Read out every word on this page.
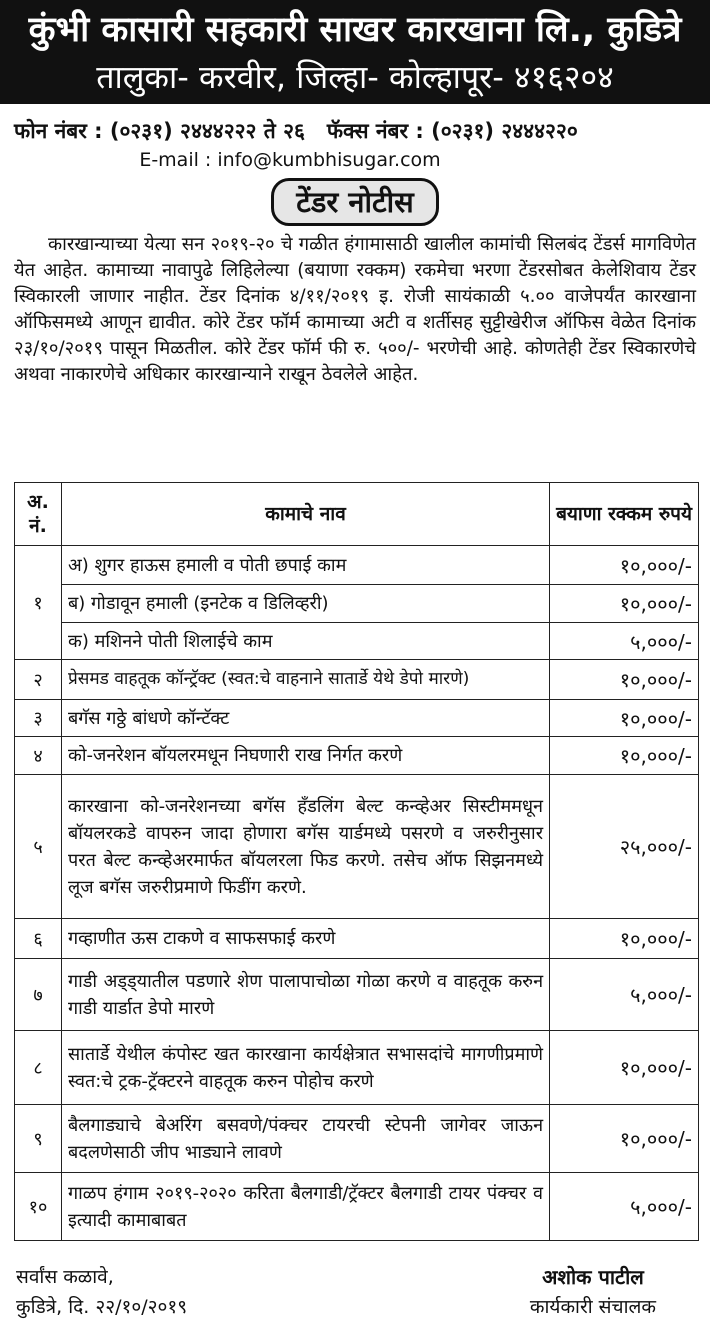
कुंभी कासारी सहकारी साखर कारखाना लि., कुडित्रे
तालुका- करवीर, जिल्हा- कोल्हापूर- ४१६२०४
फोन नंबर : (०२३१) २४४४२२२ ते २६ फॅक्स नंबर : (०२३१) २४४४२२०
E-mail : info@kumbhisugar.com
टेंडर नोटीस
कारखान्याच्या येत्या सन २०१९-२० चे गळीत हंगामासाठी खालील कामांची सिलबंद टेंडर्स मागविणेत येत आहेत. कामाच्या नावापुढे लिहिलेल्या (बयाणा रक्कम) रकमेचा भरणा टेंडरसोबत केलेशिवाय टेंडर स्विकारली जाणार नाहीत. टेंडर दिनांक ४/११/२०१९ इ. रोजी सायंकाळी ५.०० वाजेपर्यंत कारखाना ऑफिसमध्ये आणून द्यावीत. कोरे टेंडर फॉर्म कामाच्या अटी व शर्तीसह सुट्टीखेरीज ऑफिस वेळेत दिनांक २३/१०/२०१९ पासून मिळतील. कोरे टेंडर फॉर्म फी रु. ५००/- भरणेची आहे. कोणतेही टेंडर स्विकारणेचे अथवा नाकारणेचे अधिकार कारखान्याने राखून ठेवलेले आहेत.
अ. नं.	कामाचे नाव	बयाणा रक्कम रुपये
१	अ) शुगर हाऊस हमाली व पोती छपाई काम	१०,०००/-
	ब) गोडावून हमाली (इनटेक व डिलिव्हरी)	१०,०००/-
	क) मशिनने पोती शिलाईचे काम	५,०००/-
२	प्रेसमड वाहतूक कॉन्ट्रॅक्ट (स्वत:चे वाहनाने सातार्डे येथे डेपो मारणे)	१०,०००/-
३	बगॅस गठ्ठे बांधणे कॉन्टॅक्ट	१०,०००/-
४	को-जनरेशन बॉयलरमधून निघणारी राख निर्गत करणे	१०,०००/-
५	कारखाना को-जनरेशनच्या बगॅस हँडलिंग बेल्ट कन्व्हेअर सिस्टीममधून बॉयलरकडे वापरुन जादा होणारा बगॅस यार्डमध्ये पसरणे व जरुरीनुसार परत बेल्ट कन्व्हेअरमार्फत बॉयलरला फिड करणे. तसेच ऑफ सिझनमध्ये लूज बगॅस जरुरीप्रमाणे फिडींग करणे.	२५,०००/-
६	गव्हाणीत ऊस टाकणे व साफसफाई करणे	१०,०००/-
७	गाडी अड्ड्यातील पडणारे शेण पालापाचोळा गोळा करणे व वाहतूक करुन गाडी यार्डात डेपो मारणे	५,०००/-
८	सातार्डे येथील कंपोस्ट खत कारखाना कार्यक्षेत्रात सभासदांचे मागणीप्रमाणे स्वत:चे ट्रक-ट्रॅक्टरने वाहतूक करुन पोहोच करणे	१०,०००/-
९	बैलगाड्याचे बेअरिंग बसवणे/पंक्चर टायरची स्टेपनी जागेवर जाऊन बदलणेसाठी जीप भाड्याने लावणे	१०,०००/-
१०	गाळप हंगाम २०१९-२०२० करिता बैलगाडी/ट्रॅक्टर बैलगाडी टायर पंक्चर व इत्यादी कामाबाबत	५,०००/-
सर्वांस कळावे,
कुडित्रे, दि. २२/१०/२०१९
अशोक पाटील
कार्यकारी संचालक
